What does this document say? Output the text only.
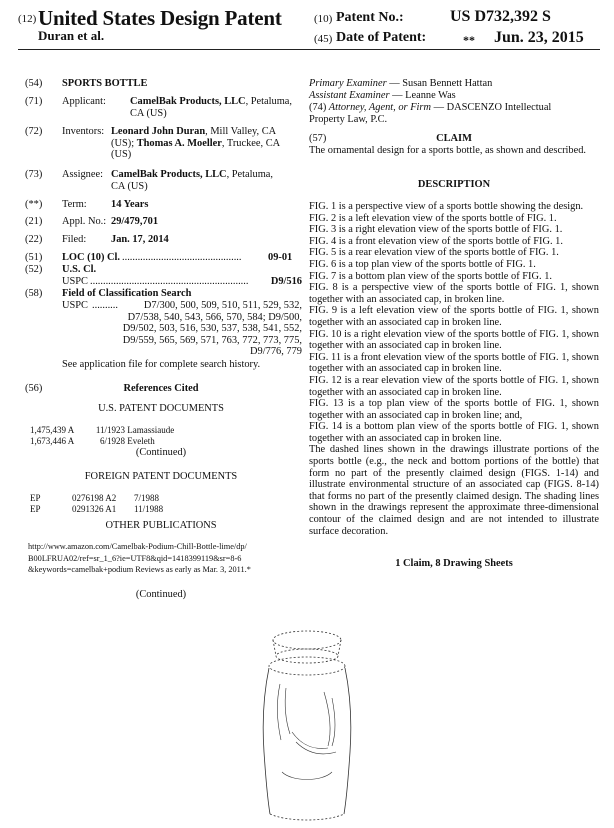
(12) United States Design Patent
Duran et al.
(10) Patent No.:	US D732,392 S
(45) Date of Patent:	** Jun. 23, 2015
(54) SPORTS BOTTLE
(71) Applicant: CamelBak Products, LLC, Petaluma,
CA (US)
(72) Inventors: Leonard John Duran, Mill Valley, CA
(US); Thomas A. Moeller, Truckee, CA
(US)
(73) Assignee: CamelBak Products, LLC, Petaluma,
CA (US)
(**) Term: 14 Years
(21) Appl. No.: 29/479,701
(22) Filed: Jan. 17, 2014
(51) LOC (10) Cl. ..............................................	09-01
(52) U.S. Cl.
USPC .............................................................	D9/516
(58) Field of Classification Search
USPC ..........	D7/300, 500, 509, 510, 511, 529, 532,
D7/538, 540, 543, 566, 570, 584; D9/500,
D9/502, 503, 516, 530, 537, 538, 541, 552,
D9/559, 565, 569, 571, 763, 772, 773, 775,
D9/776, 779
See application file for complete search history.
(56)	References Cited
U.S. PATENT DOCUMENTS
1,475,439 A 11/1923 Lamassiaude
1,673,446 A	6/1928 Eveleth
(Continued)
FOREIGN PATENT DOCUMENTS
EP	0276198 A2 7/1988
EP	0291326 A1 11/1988
OTHER PUBLICATIONS
http://www.amazon.com/Camelbak-Podium-Chill-Bottle-lime/dp/
B00LFRUA02/ref=sr_1_6?ie=UTF8&qid=1418399119&sr=8-6
&keywords=camelbak+podium Reviews as early as Mar. 3, 2011.*
(Continued)
Primary Examiner — Susan Bennett Hattan
Assistant Examiner — Leanne Was
(74) Attorney, Agent, or Firm — DASCENZO Intellectual
Property Law, P.C.
(57)	CLAIM

The ornamental design for a sports bottle, as shown and described.

DESCRIPTION

FIG. 1 is a perspective view of a sports bottle showing the design.

FIG. 2 is a left elevation view of the sports bottle of FIG. 1.

FIG. 3 is a right elevation view of the sports bottle of FIG. 1.

FIG. 4 is a front elevation view of the sports bottle of FIG. 1.

FIG. 5 is a rear elevation view of the sports bottle of FIG. 1.

FIG. 6 is a top plan view of the sports bottle of FIG. 1.

FIG. 7 is a bottom plan view of the sports bottle of FIG. 1.

FIG. 8 is a perspective view of the sports bottle of FIG. 1, shown together with an associated cap, in broken line.

FIG. 9 is a left elevation view of the sports bottle of FIG. 1, shown together with an associated cap in broken line.

FIG. 10 is a right elevation view of the sports bottle of FIG. 1, shown together with an associated cap in broken line.

FIG. 11 is a front elevation view of the sports bottle of FIG. 1, shown together with an associated cap in broken line.

FIG. 12 is a rear elevation view of the sports bottle of FIG. 1, shown together with an associated cap in broken line.

FIG. 13 is a top plan view of the sports bottle of FIG. 1, shown together with an associated cap in broken line; and,

FIG. 14 is a bottom plan view of the sports bottle of FIG. 1, shown together with an associated cap in broken line.

The dashed lines shown in the drawings illustrate portions of the sports bottle (e.g., the neck and bottom portions of the bottle) that form no part of the presently claimed design (FIGS. 1-14) and illustrate environmental structure of an associated cap (FIGS. 8-14) that forms no part of the presently claimed design. The shading lines shown in the drawings represent the approximate three-dimensional contour of the claimed design and are not intended to illustrate surface decoration.

1 Claim, 8 Drawing Sheets
